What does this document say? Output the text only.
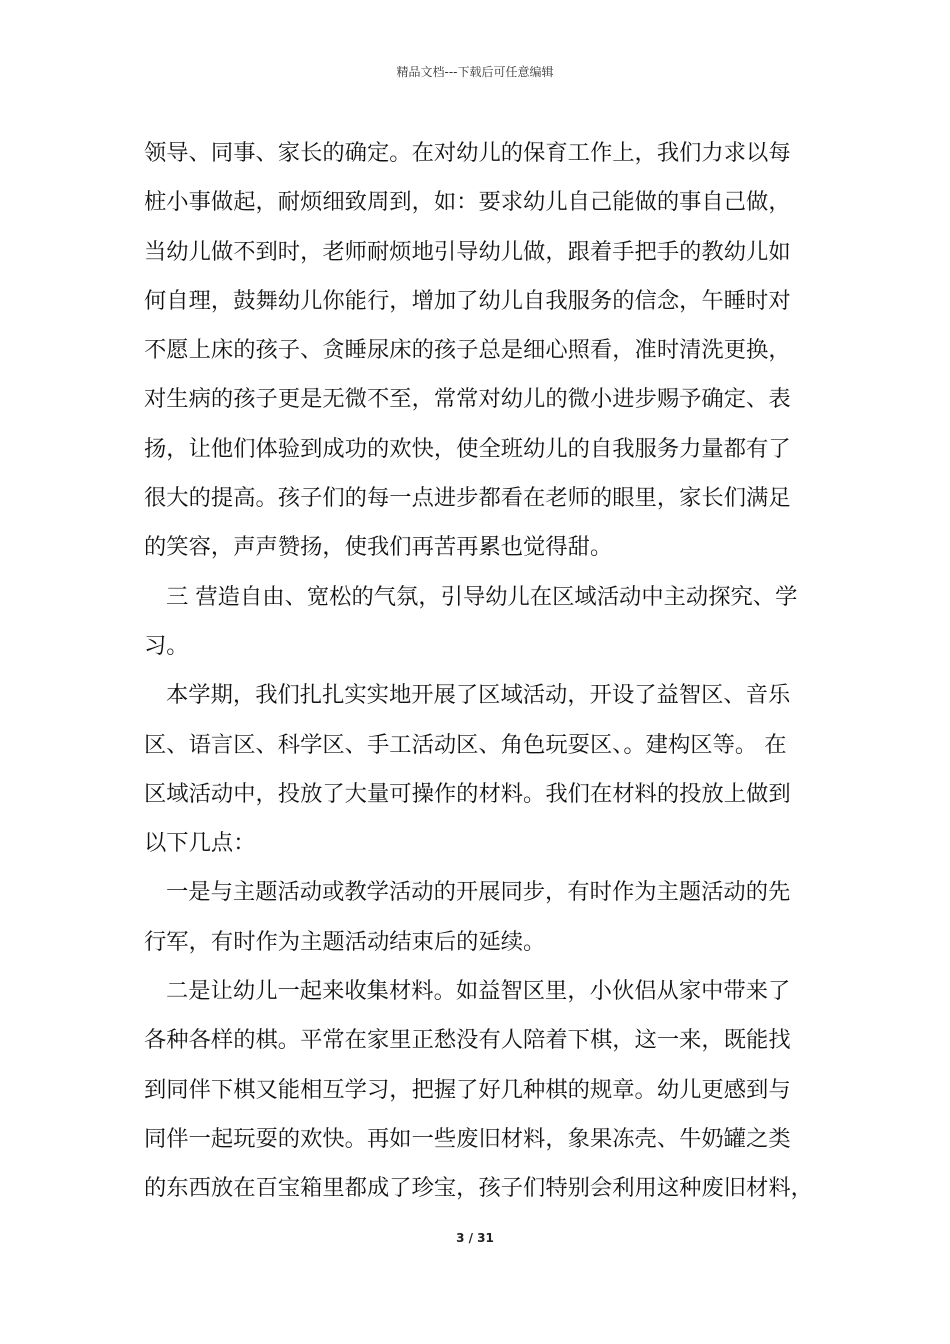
精品文档---下载后可任意编辑
领导、同事、家长的确定。在对幼儿的保育工作上，我们力求以每
桩小事做起，耐烦细致周到，如：要求幼儿自己能做的事自己做，
当幼儿做不到时，老师耐烦地引导幼儿做，跟着手把手的教幼儿如
何自理，鼓舞幼儿你能行，增加了幼儿自我服务的信念，午睡时对
不愿上床的孩子、贪睡尿床的孩子总是细心照看，准时清洗更换，
对生病的孩子更是无微不至，常常对幼儿的微小进步赐予确定、表
扬，让他们体验到成功的欢快，使全班幼儿的自我服务力量都有了
很大的提高。孩子们的每一点进步都看在老师的眼里，家长们满足
的笑容，声声赞扬，使我们再苦再累也觉得甜。
三 营造自由、宽松的气氛，引导幼儿在区域活动中主动探究、学
习。
本学期，我们扎扎实实地开展了区域活动，开设了益智区、音乐
区、语言区、科学区、手工活动区、角色玩耍区、。建构区等。 在
区域活动中，投放了大量可操作的材料。我们在材料的投放上做到
以下几点：
一是与主题活动或教学活动的开展同步，有时作为主题活动的先
行军，有时作为主题活动结束后的延续。
二是让幼儿一起来收集材料。如益智区里，小伙侣从家中带来了
各种各样的棋。平常在家里正愁没有人陪着下棋，这一来，既能找
到同伴下棋又能相互学习，把握了好几种棋的规章。幼儿更感到与
同伴一起玩耍的欢快。再如一些废旧材料，象果冻壳、牛奶罐之类
的东西放在百宝箱里都成了珍宝，孩子们特别会利用这种废旧材料，
3 / 31
